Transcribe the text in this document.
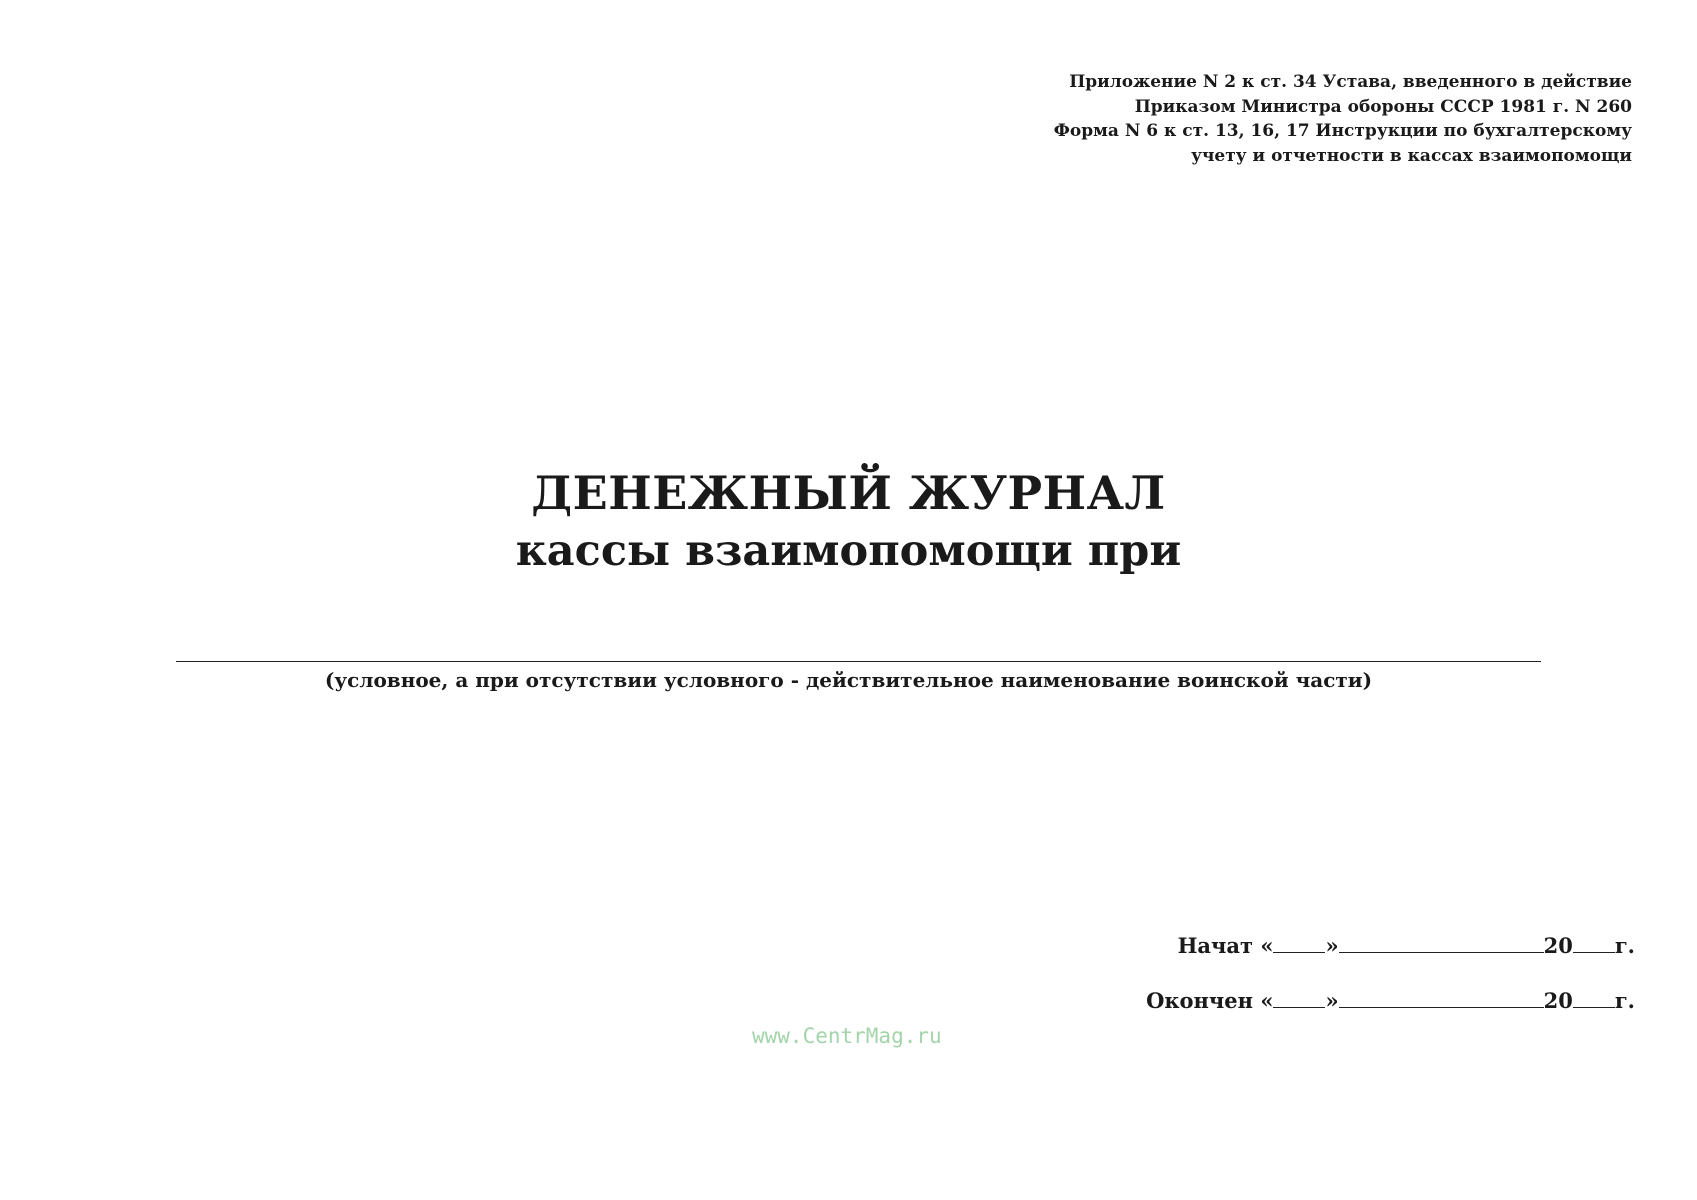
Приложение N 2 к ст. 34 Устава, введенного в действие
Приказом Министра обороны СССР 1981 г. N 260
Форма N 6 к ст. 13, 16, 17 Инструкции по бухгалтерскому
учету и отчетности в кассах взаимопомощи
ДЕНЕЖНЫЙ ЖУРНАЛ
кассы взаимопомощи при
(условное, а при отсутствии условного - действительное наименование воинской части)
Начат
« »	20 г.
Окончен
« »	20 г.
www.CentrMag.ru
